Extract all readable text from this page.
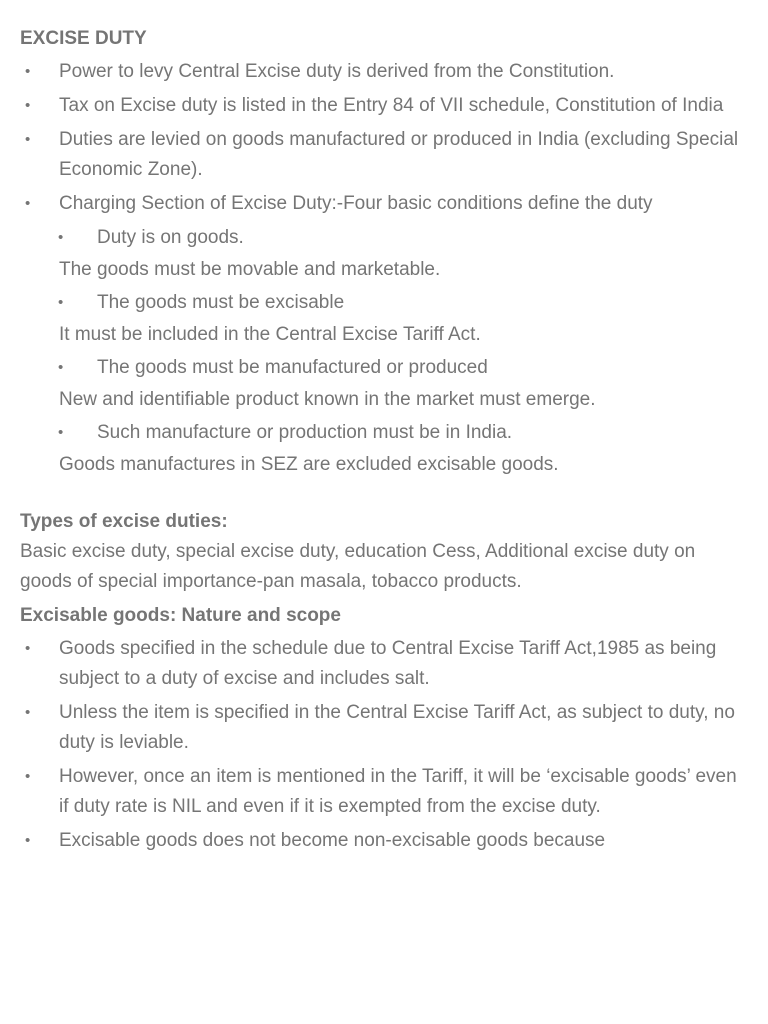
EXCISE DUTY

• Power to levy Central Excise duty is derived from the Constitution.
• Tax on Excise duty is listed in the Entry 84 of VII schedule, Constitution of India
• Duties are levied on goods manufactured or produced in India (excluding Special Economic Zone).
• Charging Section of Excise Duty:-Four basic conditions define the duty
• Duty is on goods.
The goods must be movable and marketable.
• The goods must be excisable
It must be included in the Central Excise Tariff Act.
• The goods must be manufactured or produced
New and identifiable product known in the market must emerge.
• Such manufacture or production must be in India.
Goods manufactures in SEZ are excluded excisable goods.

Types of excise duties:

Basic excise duty, special excise duty, education Cess, Additional excise duty on goods of special importance-pan masala, tobacco products.

Excisable goods: Nature and scope

• Goods specified in the schedule due to Central Excise Tariff Act,1985 as being subject to a duty of excise and includes salt.
• Unless the item is specified in the Central Excise Tariff Act, as subject to duty, no duty is leviable.
• However, once an item is mentioned in the Tariff, it will be ‘excisable goods’ even if duty rate is NIL and even if it is exempted from the excise duty.
• Excisable goods does not become non-excisable goods because
